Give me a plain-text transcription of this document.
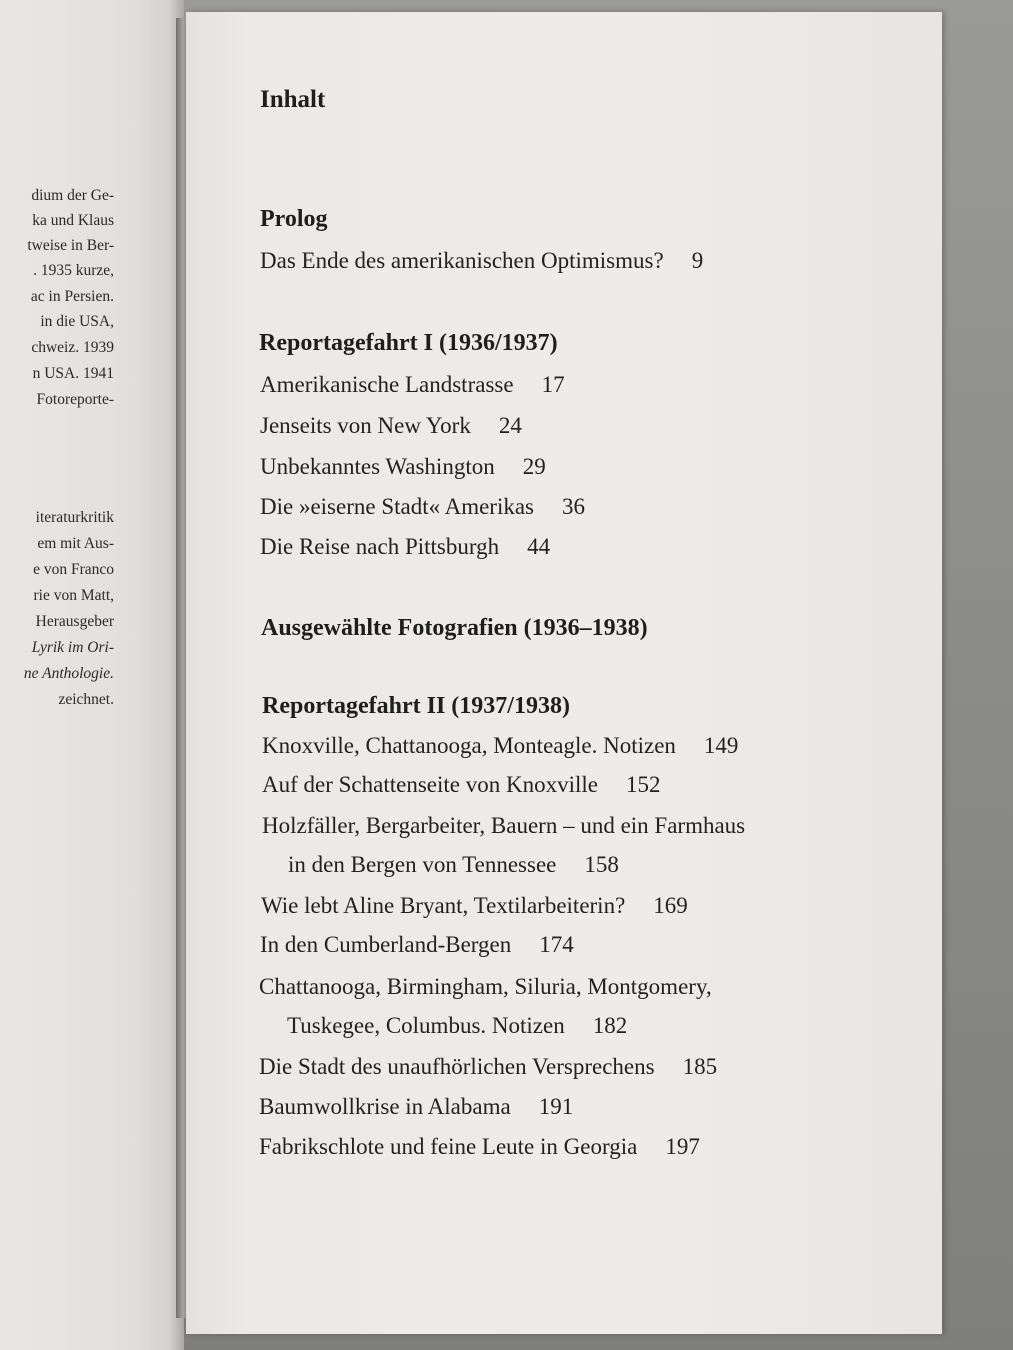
dium der Ge-
ka und Klaus
tweise in Ber-
. 1935 kurze,
ac in Persien.
in die USA,
chweiz. 1939
n USA. 1941
Fotoreporte-
iteraturkritik
em mit Aus-
e von Franco
rie von Matt,
Herausgeber
Lyrik im Ori-
ne Anthologie.
zeichnet.
Inhalt
Prolog
Das Ende des amerikanischen Optimismus? 9
Reportagefahrt I (1936/1937)
Amerikanische Landstrasse 17
Jenseits von New York 24
Unbekanntes Washington 29
Die »eiserne Stadt« Amerikas 36
Die Reise nach Pittsburgh 44
Ausgewählte Fotografien (1936–1938)
Reportagefahrt II (1937/1938)
Knoxville, Chattanooga, Monteagle. Notizen 149
Auf der Schattenseite von Knoxville 152
Holzfäller, Bergarbeiter, Bauern – und ein Farmhaus
in den Bergen von Tennessee 158
Wie lebt Aline Bryant, Textilarbeiterin? 169
In den Cumberland-Bergen 174
Chattanooga, Birmingham, Siluria, Montgomery,
Tuskegee, Columbus. Notizen 182
Die Stadt des unaufhörlichen Versprechens 185
Baumwollkrise in Alabama 191
Fabrikschlote und feine Leute in Georgia 197
